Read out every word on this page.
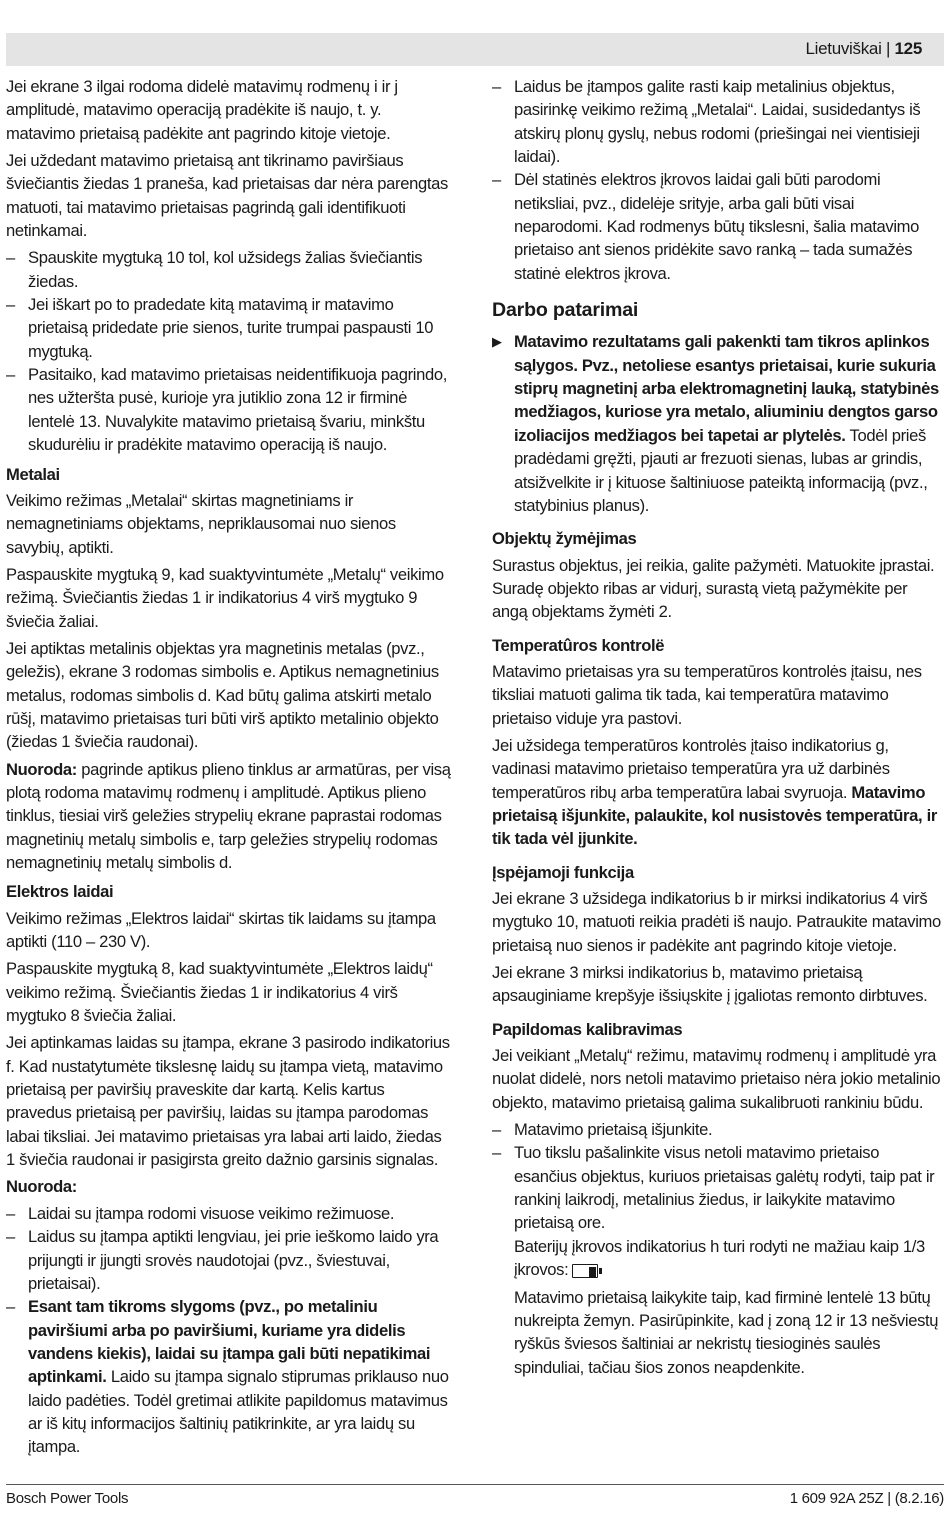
Lietuviškai | 125

Jei ekrane 3 ilgai rodoma didelė matavimų rodmenų i ir j amplitudė, matavimo operaciją pradėkite iš naujo, t. y. matavimo prietaisą padėkite ant pagrindo kitoje vietoje.

Jei uždedant matavimo prietaisą ant tikrinamo paviršiaus šviečiantis žiedas 1 praneša, kad prietaisas dar nėra parengtas matuoti, tai matavimo prietaisas pagrindą gali identifikuoti netinkamai.

– Spauskite mygtuką 10 tol, kol užsidegs žalias šviečiantis žiedas.

– Jei iškart po to pradedate kitą matavimą ir matavimo prietaisą pridedate prie sienos, turite trumpai paspausti 10 mygtuką.

– Pasitaiko, kad matavimo prietaisas neidentifikuoja pagrindo, nes užteršta pusė, kurioje yra jutiklio zona 12 ir firminė lentelė 13. Nuvalykite matavimo prietaisą švariu, minkštu skudurėliu ir pradėkite matavimo operaciją iš naujo.

Metalai

Veikimo režimas „Metalai“ skirtas magnetiniams ir nemagnetiniams objektams, nepriklausomai nuo sienos savybių, aptikti.

Paspauskite mygtuką 9, kad suaktyvintumėte „Metalų“ veikimo režimą. Šviečiantis žiedas 1 ir indikatorius 4 virš mygtuko 9 šviečia žaliai.

Jei aptiktas metalinis objektas yra magnetinis metalas (pvz., geležis), ekrane 3 rodomas simbolis e. Aptikus nemagnetinius metalus, rodomas simbolis d. Kad būtų galima atskirti metalo rūšį, matavimo prietaisas turi būti virš aptikto metalinio objekto (žiedas 1 šviečia raudonai).

Nuoroda: pagrinde aptikus plieno tinklus ar armatūras, per visą plotą rodoma matavimų rodmenų i amplitudė. Aptikus plieno tinklus, tiesiai virš geležies strypelių ekrane paprastai rodomas magnetinių metalų simbolis e, tarp geležies strypelių rodomas nemagnetinių metalų simbolis d.

Elektros laidai

Veikimo režimas „Elektros laidai“ skirtas tik laidams su įtampa aptikti (110 – 230 V).

Paspauskite mygtuką 8, kad suaktyvintumėte „Elektros laidų“ veikimo režimą. Šviečiantis žiedas 1 ir indikatorius 4 virš mygtuko 8 šviečia žaliai.

Jei aptinkamas laidas su įtampa, ekrane 3 pasirodo indikatorius f. Kad nustatytumėte tikslesnę laidų su įtampa vietą, matavimo prietaisą per paviršių praveskite dar kartą. Kelis kartus pravedus prietaisą per paviršių, laidas su įtampa parodomas labai tiksliai. Jei matavimo prietaisas yra labai arti laido, žiedas 1 šviečia raudonai ir pasigirsta greito dažnio garsinis signalas.

Nuoroda:

– Laidai su įtampa rodomi visuose veikimo režimuose.

– Laidus su įtampa aptikti lengviau, jei prie ieškomo laido yra prijungti ir įjungti srovės naudotojai (pvz., šviestuvai, prietaisai).

– Esant tam tikroms slygoms (pvz., po metaliniu paviršiumi arba po paviršiumi, kuriame yra didelis vandens kiekis), laidai su įtampa gali būti nepatikimai aptinkami. Laido su įtampa signalo stiprumas priklauso nuo laido padėties. Todėl gretimai atlikite papildomus matavimus ar iš kitų informacijos šaltinių patikrinkite, ar yra laidų su įtampa.

– Laidus be įtampos galite rasti kaip metalinius objektus, pasirinkę veikimo režimą „Metalai“. Laidai, susidedantys iš atskirų plonų gyslų, nebus rodomi (priešingai nei vientisieji laidai).

– Dėl statinės elektros įkrovos laidai gali būti parodomi netiksliai, pvz., didelėje srityje, arba gali būti visai neparodomi. Kad rodmenys būtų tikslesni, šalia matavimo prietaiso ant sienos pridėkite savo ranką – tada sumažės statinė elektros įkrova.

Darbo patarimai

▶ Matavimo rezultatams gali pakenkti tam tikros aplinkos sąlygos. Pvz., netoliese esantys prietaisai, kurie sukuria stiprų magnetinį arba elektromagnetinį lauką, statybinės medžiagos, kuriose yra metalo, aliuminiu dengtos garso izoliacijos medžiagos bei tapetai ar plytelės. Todėl prieš pradėdami gręžti, pjauti ar frezuoti sienas, lubas ar grindis, atsižvelkite ir į kituose šaltiniuose pateiktą informaciją (pvz., statybinius planus).

Objektų žymėjimas

Surastus objektus, jei reikia, galite pažymėti. Matuokite įprastai. Suradę objekto ribas ar vidurį, surastą vietą pažymėkite per angą objektams žymėti 2.

Temperatûros kontrolë

Matavimo prietaisas yra su temperatūros kontrolės įtaisu, nes tiksliai matuoti galima tik tada, kai temperatūra matavimo prietaiso viduje yra pastovi.

Jei užsidega temperatūros kontrolės įtaiso indikatorius g, vadinasi matavimo prietaiso temperatūra yra už darbinės temperatūros ribų arba temperatūra labai svyruoja. Matavimo prietaisą išjunkite, palaukite, kol nusistovės temperatūra, ir tik tada vėl įjunkite.

Įspėjamoji funkcija

Jei ekrane 3 užsidega indikatorius b ir mirksi indikatorius 4 virš mygtuko 10, matuoti reikia pradėti iš naujo. Patraukite matavimo prietaisą nuo sienos ir padėkite ant pagrindo kitoje vietoje.

Jei ekrane 3 mirksi indikatorius b, matavimo prietaisą apsauginiame krepšyje išsiųskite į įgaliotas remonto dirbtuves.

Papildomas kalibravimas

Jei veikiant „Metalų“ režimu, matavimų rodmenų i amplitudė yra nuolat didelė, nors netoli matavimo prietaiso nėra jokio metalinio objekto, matavimo prietaisą galima sukalibruoti rankiniu būdu.

– Matavimo prietaisą išjunkite.

– Tuo tikslu pašalinkite visus netoli matavimo prietaiso esančius objektus, kuriuos prietaisas galėtų rodyti, taip pat ir rankinį laikrodį, metalinius žiedus, ir laikykite matavimo prietaisą ore.

Baterijų įkrovos indikatorius h turi rodyti ne mažiau kaip 1/3 įkrovos:

Matavimo prietaisą laikykite taip, kad firminė lentelė 13 būtų nukreipta žemyn. Pasirūpinkite, kad į zoną 12 ir 13 nešviestų ryškūs šviesos šaltiniai ar nekristų tiesioginės saulės spinduliai, tačiau šios zonos neapdenkite.

Bosch Power Tools	1 609 92A 25Z | (8.2.16)
